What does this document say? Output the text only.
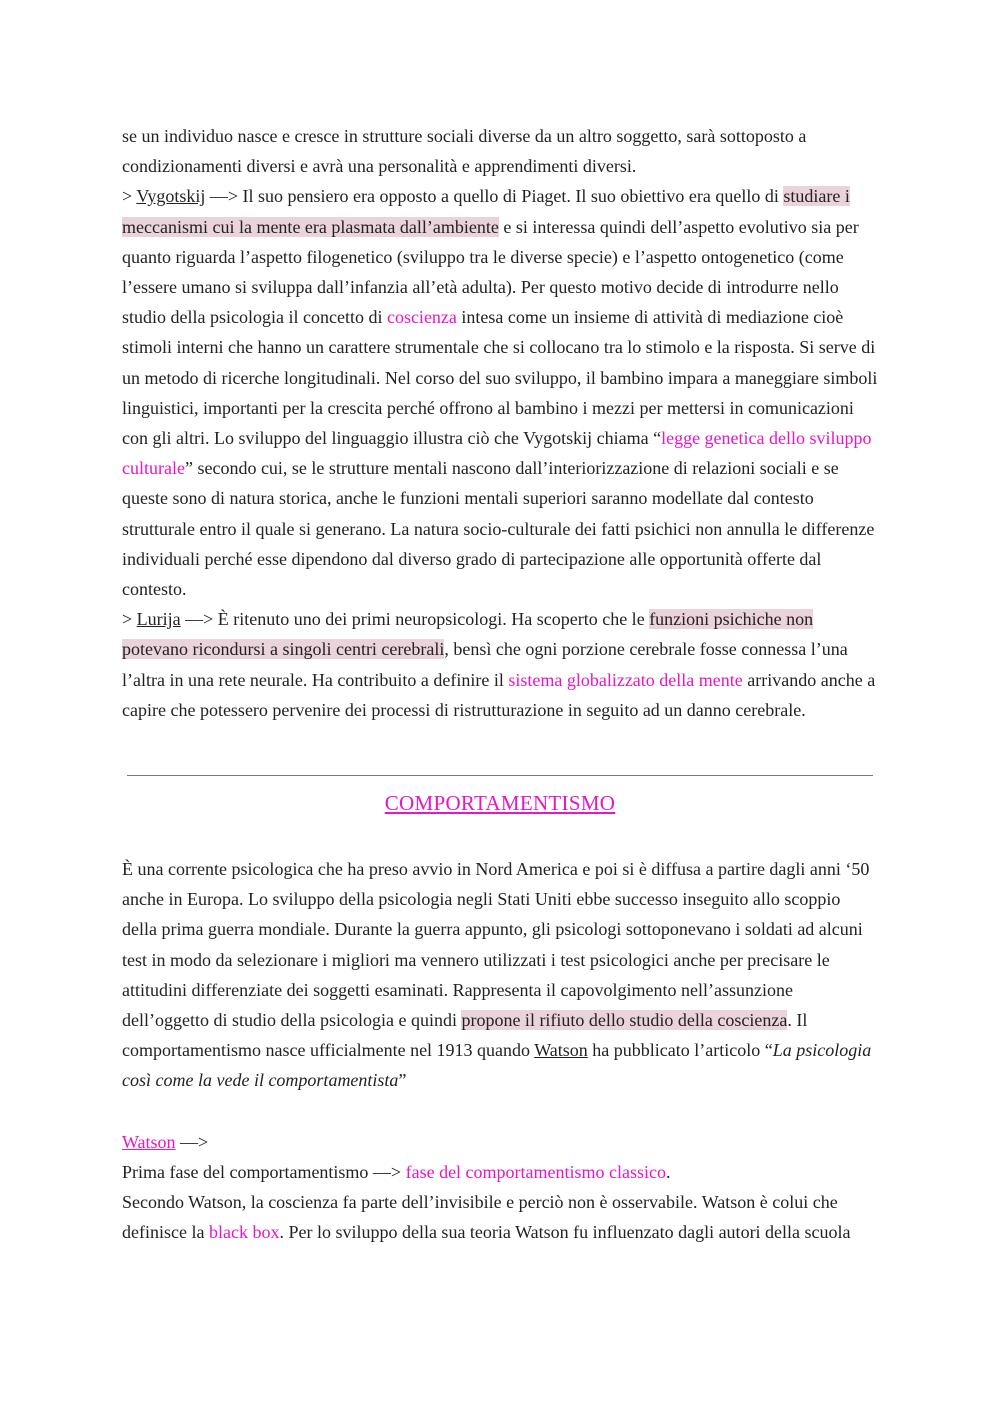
se un individuo nasce e cresce in strutture sociali diverse da un altro soggetto, sarà sottoposto a condizionamenti diversi e avrà una personalità e apprendimenti diversi.

> Vygotskij —> Il suo pensiero era opposto a quello di Piaget. Il suo obiettivo era quello di studiare i meccanismi cui la mente era plasmata dall’ambiente e si interessa quindi dell’aspetto evolutivo sia per quanto riguarda l’aspetto filogenetico (sviluppo tra le diverse specie) e l’aspetto ontogenetico (come l’essere umano si sviluppa dall’infanzia all’età adulta). Per questo motivo decide di introdurre nello studio della psicologia il concetto di coscienza intesa come un insieme di attività di mediazione cioè stimoli interni che hanno un carattere strumentale che si collocano tra lo stimolo e la risposta. Si serve di un metodo di ricerche longitudinali. Nel corso del suo sviluppo, il bambino impara a maneggiare simboli linguistici, importanti per la crescita perché offrono al bambino i mezzi per mettersi in comunicazioni con gli altri. Lo sviluppo del linguaggio illustra ciò che Vygotskij chiama “legge genetica dello sviluppo culturale” secondo cui, se le strutture mentali nascono dall’interiorizzazione di relazioni sociali e se queste sono di natura storica, anche le funzioni mentali superiori saranno modellate dal contesto strutturale entro il quale si generano. La natura socio-culturale dei fatti psichici non annulla le differenze individuali perché esse dipendono dal diverso grado di partecipazione alle opportunità offerte dal contesto.

> Lurija —> È ritenuto uno dei primi neuropsicologi. Ha scoperto che le funzioni psichiche non potevano ricondursi a singoli centri cerebrali, bensì che ogni porzione cerebrale fosse connessa l’una l’altra in una rete neurale. Ha contribuito a definire il sistema globalizzato della mente arrivando anche a capire che potessero pervenire dei processi di ristrutturazione in seguito ad un danno cerebrale.

COMPORTAMENTISMO

È una corrente psicologica che ha preso avvio in Nord America e poi si è diffusa a partire dagli anni ‘50 anche in Europa. Lo sviluppo della psicologia negli Stati Uniti ebbe successo inseguito allo scoppio della prima guerra mondiale. Durante la guerra appunto, gli psicologi sottoponevano i soldati ad alcuni test in modo da selezionare i migliori ma vennero utilizzati i test psicologici anche per precisare le attitudini differenziate dei soggetti esaminati. Rappresenta il capovolgimento nell’assunzione dell’oggetto di studio della psicologia e quindi propone il rifiuto dello studio della coscienza. Il comportamentismo nasce ufficialmente nel 1913 quando Watson ha pubblicato l’articolo “La psicologia così come la vede il comportamentista”

Watson —>
Prima fase del comportamentismo —> fase del comportamentismo classico.
Secondo Watson, la coscienza fa parte dell’invisibile e perciò non è osservabile. Watson è colui che definisce la black box. Per lo sviluppo della sua teoria Watson fu influenzato dagli autori della scuola
